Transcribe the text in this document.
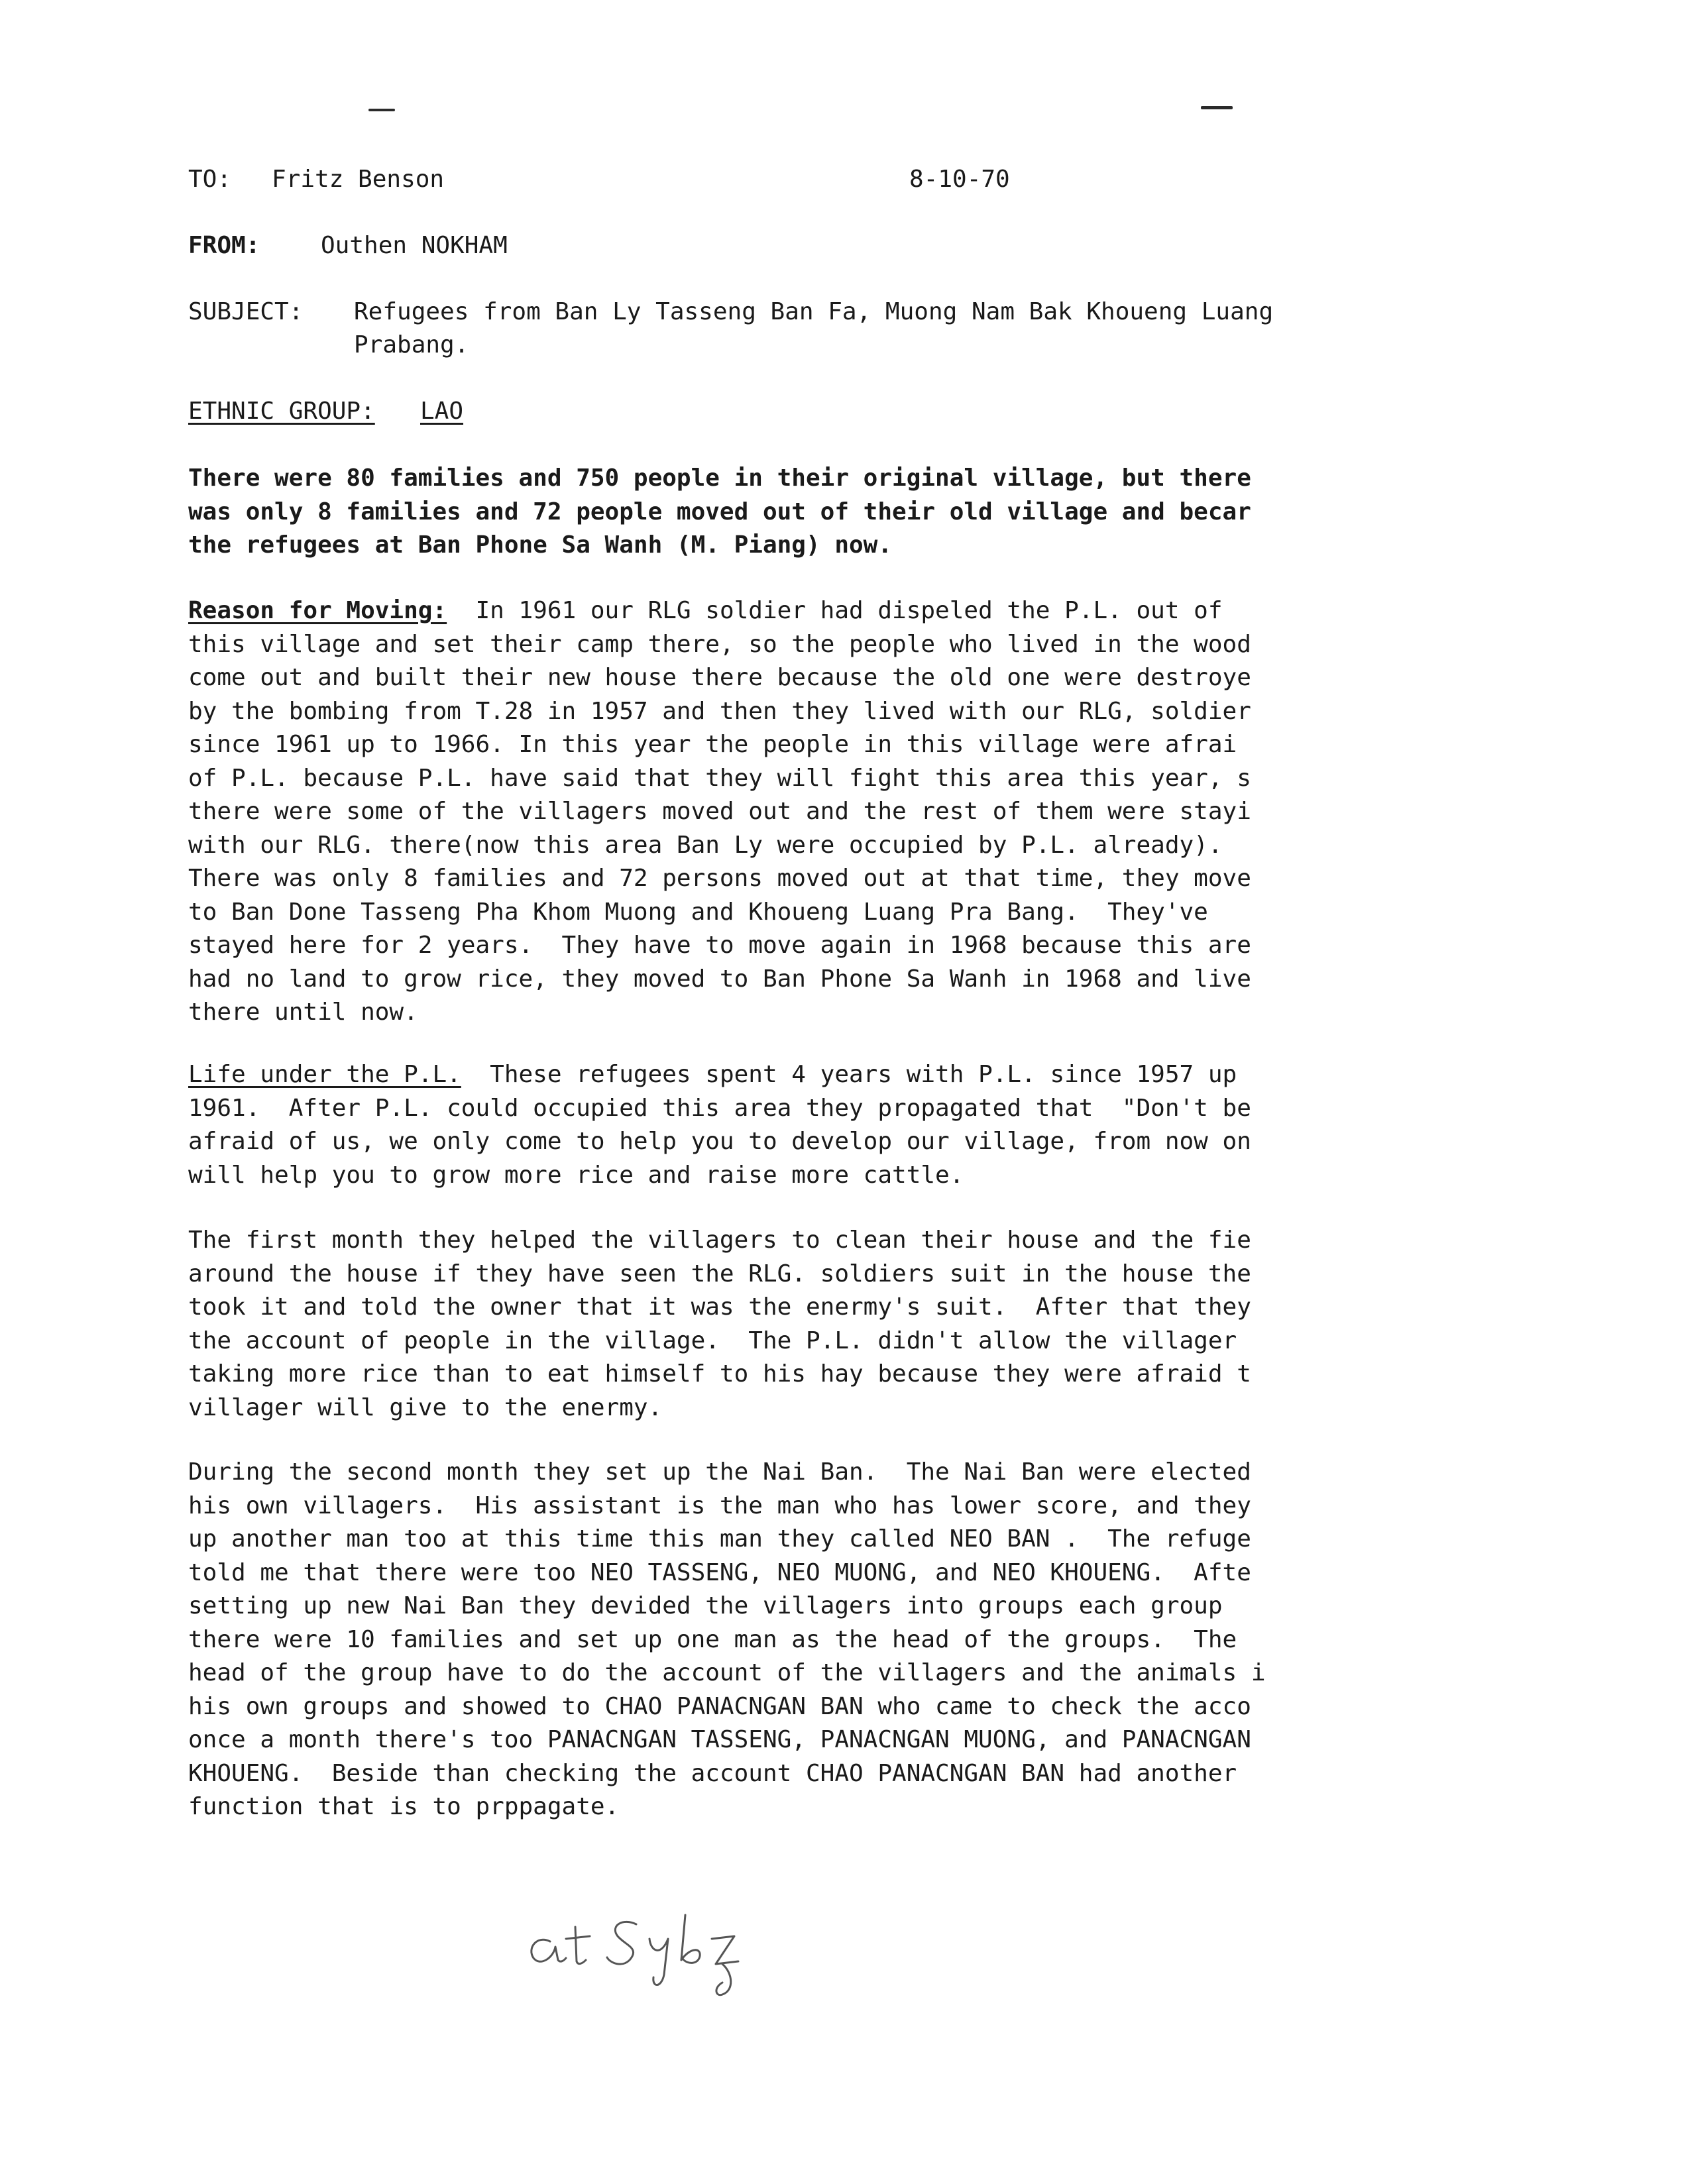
TO: Fritz Benson	8-10-70
FROM:	Outhen NOKHAM
SUBJECT: Refugees from Ban Ly Tasseng Ban Fa, Muong Nam Bak Khoueng Luang
Prabang.
ETHNIC GROUP: LAO
There were 80 families and 750 people in their original village, but there
was only 8 families and 72 people moved out of their old village and becar
the refugees at Ban Phone Sa Wanh (M. Piang) now.
Reason for Moving:  In 1961 our RLG soldier had dispeled the P.L. out of
this village and set their camp there, so the people who lived in the wood
come out and built their new house there because the old one were destroye
by the bombing from T.28 in 1957 and then they lived with our RLG, soldier
since 1961 up to 1966. In this year the people in this village were afrai
of P.L. because P.L. have said that they will fight this area this year, s
there were some of the villagers moved out and the rest of them were stayi
with our RLG. there(now this area Ban Ly were occupied by P.L. already).
There was only 8 families and 72 persons moved out at that time, they move
to Ban Done Tasseng Pha Khom Muong and Khoueng Luang Pra Bang.  They've
stayed here for 2 years.  They have to move again in 1968 because this are
had no land to grow rice, they moved to Ban Phone Sa Wanh in 1968 and live
there until now.
Life under the P.L.  These refugees spent 4 years with P.L. since 1957 up
1961.  After P.L. could occupied this area they propagated that  "Don't be
afraid of us, we only come to help you to develop our village, from now on
will help you to grow more rice and raise more cattle.
The first month they helped the villagers to clean their house and the fie
around the house if they have seen the RLG. soldiers suit in the house the
took it and told the owner that it was the enermy's suit.  After that they
the account of people in the village.  The P.L. didn't allow the villager
taking more rice than to eat himself to his hay because they were afraid t
villager will give to the enermy.
During the second month they set up the Nai Ban.  The Nai Ban were elected
his own villagers.  His assistant is the man who has lower score, and they
up another man too at this time this man they called NEO BAN .  The refuge
told me that there were too NEO TASSENG, NEO MUONG, and NEO KHOUENG.  Afte
setting up new Nai Ban they devided the villagers into groups each group
there were 10 families and set up one man as the head of the groups.  The
head of the group have to do the account of the villagers and the animals i
his own groups and showed to CHAO PANACNGAN BAN who came to check the acco
once a month there's too PANACNGAN TASSENG, PANACNGAN MUONG, and PANACNGAN
KHOUENG.  Beside than checking the account CHAO PANACNGAN BAN had another
function that is to prppagate.
